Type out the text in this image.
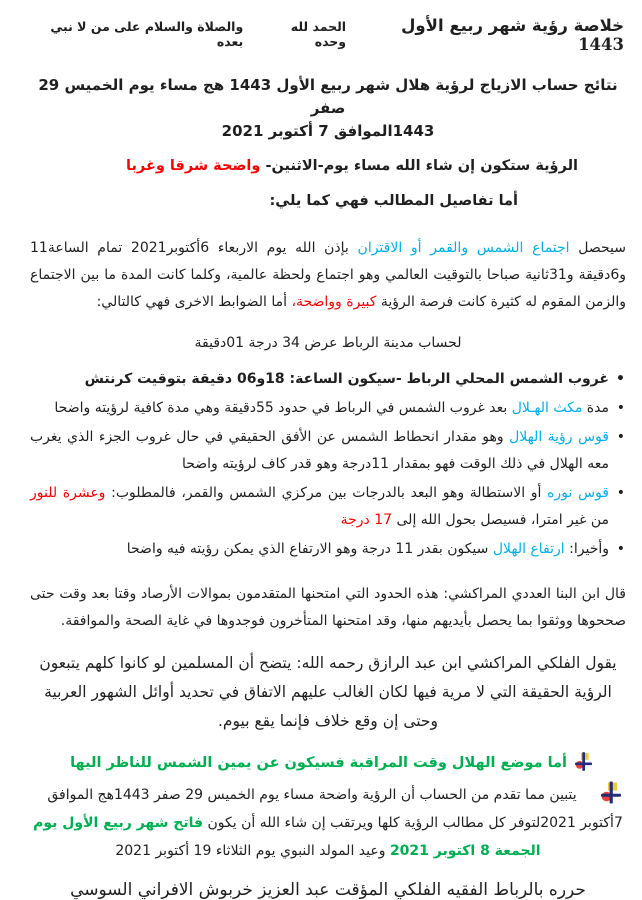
خلاصة رؤية شهر ربيع الأول 1443
الحمد لله وحده
والصلاة والسلام على من لا نبي بعده
نتائج حساب الازياج لرؤية هلال شهر ربيع الأول 1443 هج مساء يوم الخميس 29 صفر
1443الموافق 7 أكتوبر 2021
الرؤية ستكون إن شاء الله مساء يوم-الاثنين- واضحة شرقا وغربا
أما تفاصيل المطالب فهي كما يلي:

سيحصل اجتماع الشمس والقمر أو الاقتران بإذن الله يوم الاربعاء 6أكتوبر2021 تمام الساعة11 و6دقيقة و31ثانية صباحا بالتوقيت العالمي وهو اجتماع ولحظة عالمية، وكلما كانت المدة ما بين الاجتماع والزمن المقوم له كثيرة كانت فرصة الرؤية كبيرة وواضحة، أما الضوابط الاخرى فهي كالتالي:

لحساب مدينة الرباط عرض 34 درجة 01دقيقة
• غروب الشمس المحلي الرباط -سيكون الساعة: 18و06 دقيقة بتوقيت كرنتش
• مدة مكث الهـلال بعد غروب الشمس في الرباط في حدود 55دقيقة وهي مدة كافية لرؤيته واضحا
• قوس رؤية الهلال وهو مقدار انحطاط الشمس عن الأفق الحقيقي في حال غروب الجزء الذي يغرب معه الهلال في ذلك الوقت فهو بمقدار 11درجة وهو قدر كاف لرؤيته واضحا
• قوس نوره أو الاستطالة وهو البعد بالدرجات بين مركزي الشمس والقمر، فالمطلوب: وعشرة للنور من غير امترا، فسيصل بحول الله إلى 17 درجة
• وأخيرا: ارتفاع الهلال سيكون بقدر 11 درجة وهو الارتفاع الذي يمكن رؤيته فيه واضحا

قال ابن البنا العددي المراكشي: هذه الحدود التي امتحنها المتقدمون بموالات الأرصاد وقتا بعد وقت حتى صححوها ووثقوا بما يحصل بأيديهم منها، وقد امتحنها المتأخرون فوجدوها في غاية الصحة والموافقة.

يقول الفلكي المراكشي ابن عبد الرازق رحمه الله: يتضح أن المسلمين لو كانوا كلهم يتبعون الرؤية الحقيقة التي لا مرية فيها لكان الغالب عليهم الاتفاق في تحديد أوائل الشهور العربية وحتى إن وقع خلاف فإنما يقع بيوم.

أما موضع الهلال وقت المراقبة فسيكون عن يمين الشمس للناظر اليها

يتبين مما تقدم من الحساب أن الرؤية واضحة مساء يوم الخميس 29 صفر 1443هج الموافق 7أكتوبر 2021لتوفر كل مطالب الرؤية كلها ويرتقب إن شاء الله أن يكون فاتح شهر ربيع الأول يوم الجمعة 8 اكتوبر 2021 وعيد المولد النبوي يوم الثلاثاء 19 أكتوبر 2021

حرره بالرباط الفقيه الفلكي المؤقت عبد العزيز خربوش الافراني السوسي
